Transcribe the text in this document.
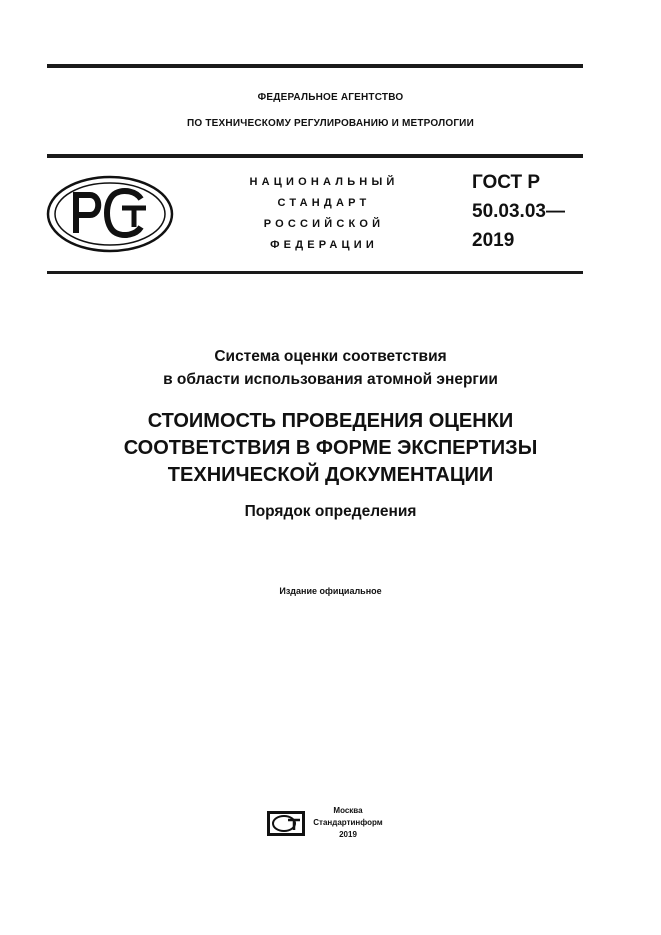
ФЕДЕРАЛЬНОЕ АГЕНТСТВО
ПО ТЕХНИЧЕСКОМУ РЕГУЛИРОВАНИЮ И МЕТРОЛОГИИ
НАЦИОНАЛЬНЫЙ
СТАНДАРТ
РОССИЙСКОЙ
ФЕДЕРАЦИИ
ГОСТ Р
50.03.03—
2019
Система оценки соответствия
в области использования атомной энергии
СТОИМОСТЬ ПРОВЕДЕНИЯ ОЦЕНКИ
СООТВЕТСТВИЯ В ФОРМЕ ЭКСПЕРТИЗЫ
ТЕХНИЧЕСКОЙ ДОКУМЕНТАЦИИ
Порядок определения
Издание официальное
Москва
Стандартинформ
2019
